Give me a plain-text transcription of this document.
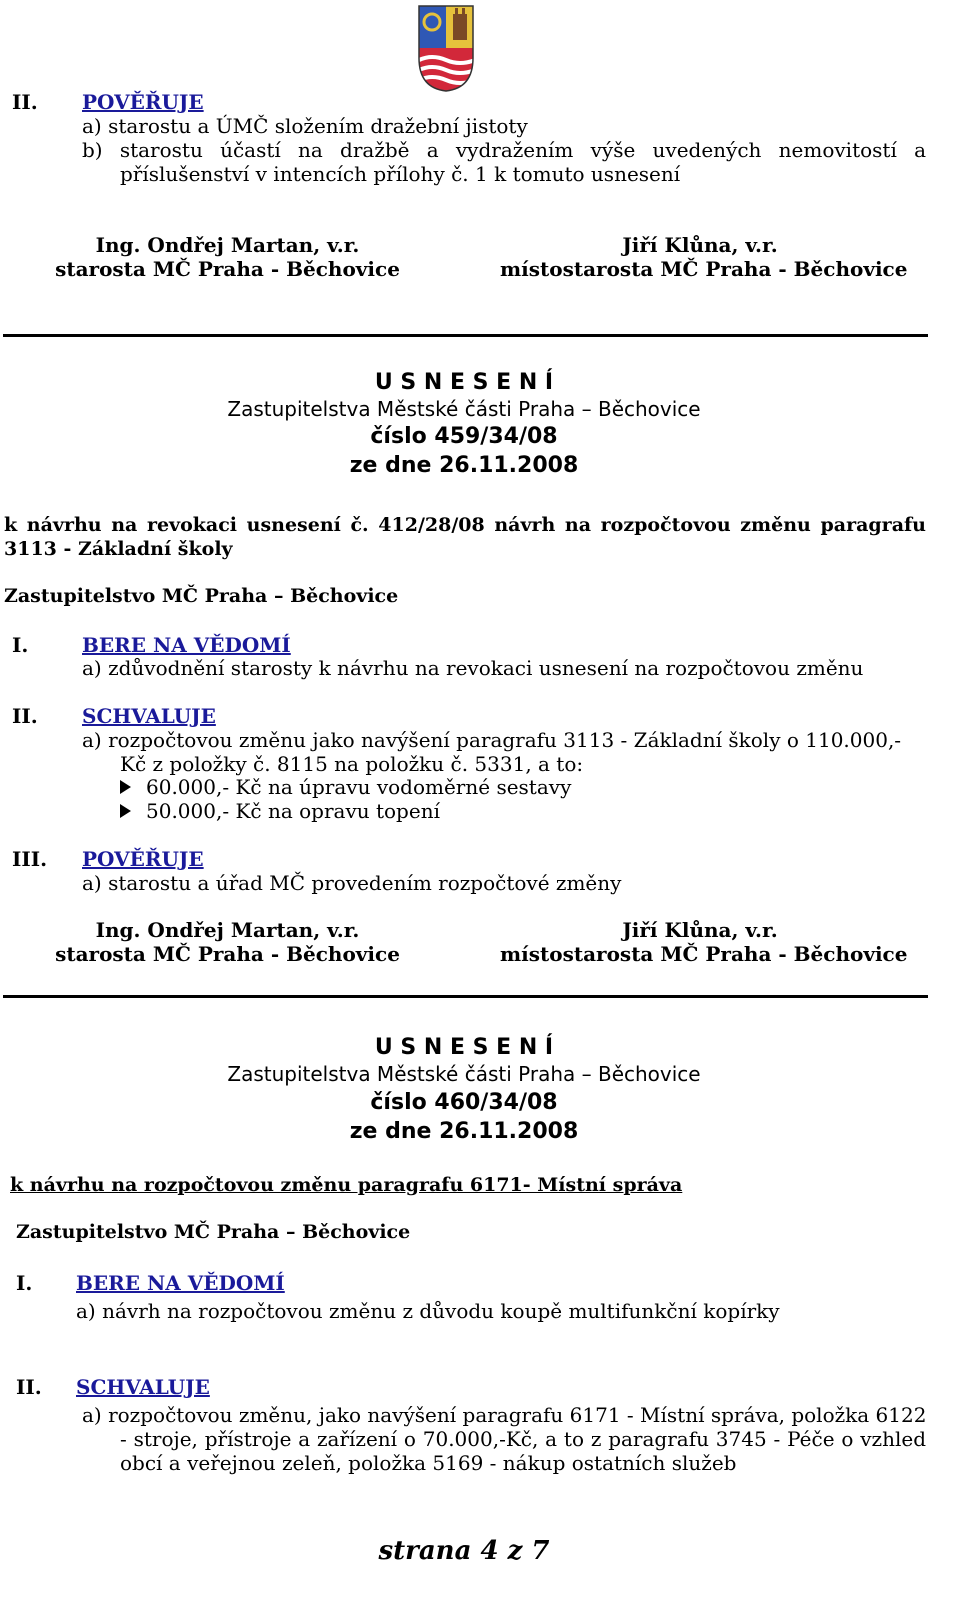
II. POVĚŘUJE
a) starostu a ÚMČ složením dražební jistoty
b) starostu účastí na dražbě a vydražením výše uvedených nemovitostí a
příslušenství v intencích přílohy č. 1 k tomuto usnesení
Ing. Ondřej Martan, v.r.
starosta MČ Praha - Běchovice
Jiří Klůna, v.r.
místostarosta MČ Praha - Běchovice
U S N E S E N Í
Zastupitelstva Městské části Praha – Běchovice
číslo 459/34/08
ze dne 26.11.2008
k návrhu na revokaci usnesení č. 412/28/08 návrh na rozpočtovou změnu paragrafu
3113 - Základní školy
Zastupitelstvo MČ Praha – Běchovice
I.	BERE NA VĚDOMÍ
a) zdůvodnění starosty k návrhu na revokaci usnesení na rozpočtovou změnu
II. SCHVALUJE
a) rozpočtovou změnu jako navýšení paragrafu 3113 - Základní školy o 110.000,-
Kč z položky č. 8115 na položku č. 5331, a to:
60.000,- Kč na úpravu vodoměrné sestavy
50.000,- Kč na opravu topení
III. POVĚŘUJE
a) starostu a úřad MČ provedením rozpočtové změny
Ing. Ondřej Martan, v.r.
starosta MČ Praha - Běchovice
Jiří Klůna, v.r.
místostarosta MČ Praha - Běchovice
U S N E S E N Í
Zastupitelstva Městské části Praha – Běchovice
číslo 460/34/08
ze dne 26.11.2008
k návrhu na rozpočtovou změnu paragrafu 6171- Místní správa
Zastupitelstvo MČ Praha – Běchovice
I. BERE NA VĚDOMÍ
a) návrh na rozpočtovou změnu z důvodu koupě multifunkční kopírky
II. SCHVALUJE
a) rozpočtovou změnu, jako navýšení paragrafu 6171 - Místní správa, položka 6122
- stroje, přístroje a zařízení o 70.000,-Kč, a to z paragrafu 3745 - Péče o vzhled
obcí a veřejnou zeleň, položka 5169 - nákup ostatních služeb
strana 4 z 7
